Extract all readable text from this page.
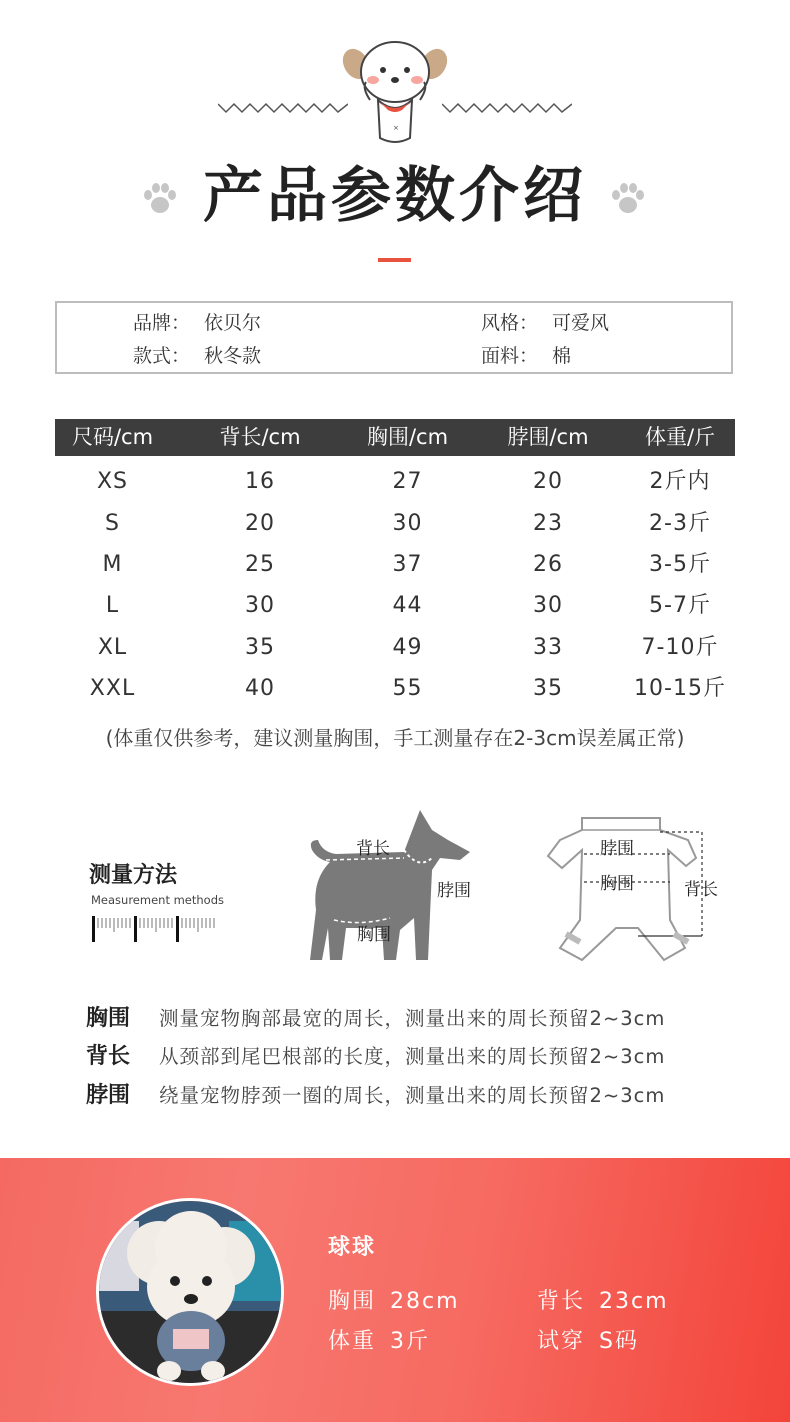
×
产品参数介绍
品牌： 依贝尔	风格： 可爱风
款式： 秋冬款	面料： 棉
尺码/cm	背长/cm	胸围/cm	脖围/cm	体重/斤
XS	16	27	20	2斤内
S	20	30	23	2-3斤
M	25	37	26	3-5斤
L	30	44	30	5-7斤
XL	35	49	33	7-10斤
XXL	40	55	35	10-15斤
(体重仅供参考，建议测量胸围，手工测量存在2-3cm误差属正常)
测量方法
Measurement methods
背长
脖围
胸围
脖围
胸围	背长
胸围 测量宠物胸部最宽的周长，测量出来的周长预留2~3cm
背长 从颈部到尾巴根部的长度，测量出来的周长预留2~3cm
脖围 绕量宠物脖颈一圈的周长，测量出来的周长预留2~3cm
球球
胸围 28cm	背长 23cm
体重 3斤	试穿 S码
